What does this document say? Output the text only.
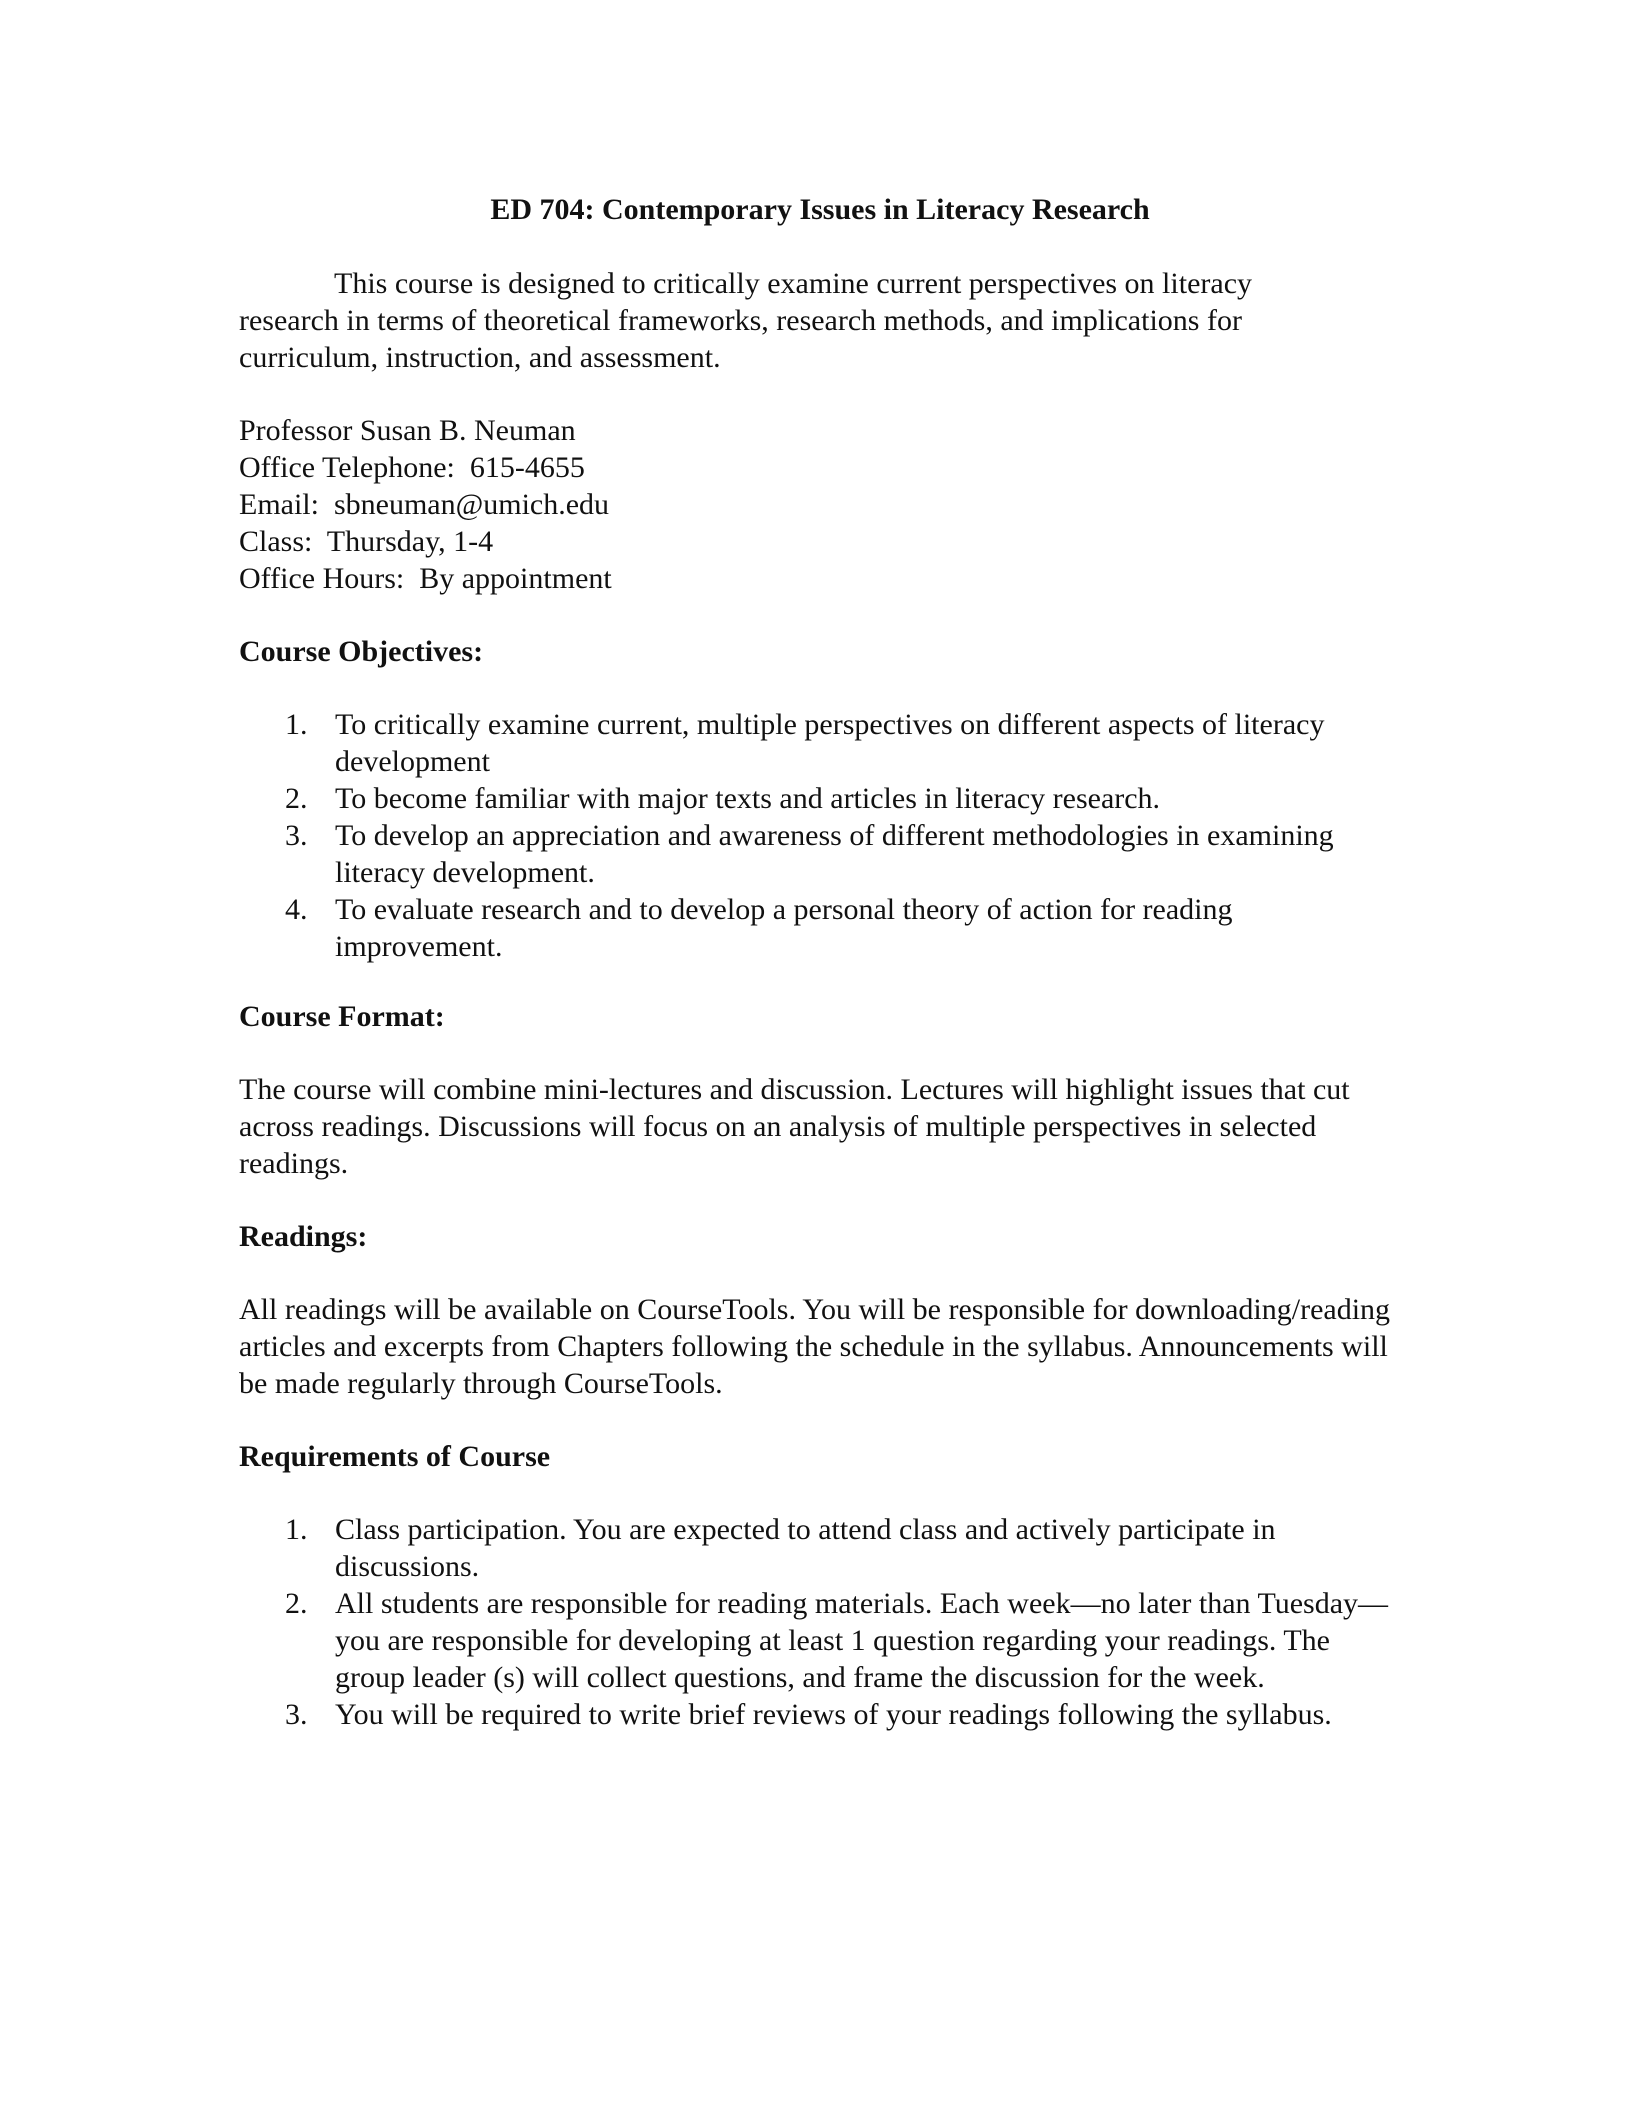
ED 704: Contemporary Issues in Literacy Research

This course is designed to critically examine current perspectives on literacy research in terms of theoretical frameworks, research methods, and implications for curriculum, instruction, and assessment.

Professor Susan B. Neuman
Office Telephone:  615-4655
Email:  sbneuman@umich.edu
Class:  Thursday, 1-4
Office Hours:  By appointment
Course Objectives:
1. To critically examine current, multiple perspectives on different aspects of literacy development
2. To become familiar with major texts and articles in literacy research.
3. To develop an appreciation and awareness of different methodologies in examining literacy development.
4. To evaluate research and to develop a personal theory of action for reading improvement.
Course Format:

The course will combine mini-lectures and discussion. Lectures will highlight issues that cut across readings. Discussions will focus on an analysis of multiple perspectives in selected readings.

Readings:

All readings will be available on CourseTools. You will be responsible for downloading/reading articles and excerpts from Chapters following the schedule in the syllabus. Announcements will be made regularly through CourseTools.

Requirements of Course
1. Class participation. You are expected to attend class and actively participate in discussions.
2. All students are responsible for reading materials. Each week—no later than Tuesday—you are responsible for developing at least 1 question regarding your readings. The group leader (s) will collect questions, and frame the discussion for the week.
3. You will be required to write brief reviews of your readings following the syllabus.
